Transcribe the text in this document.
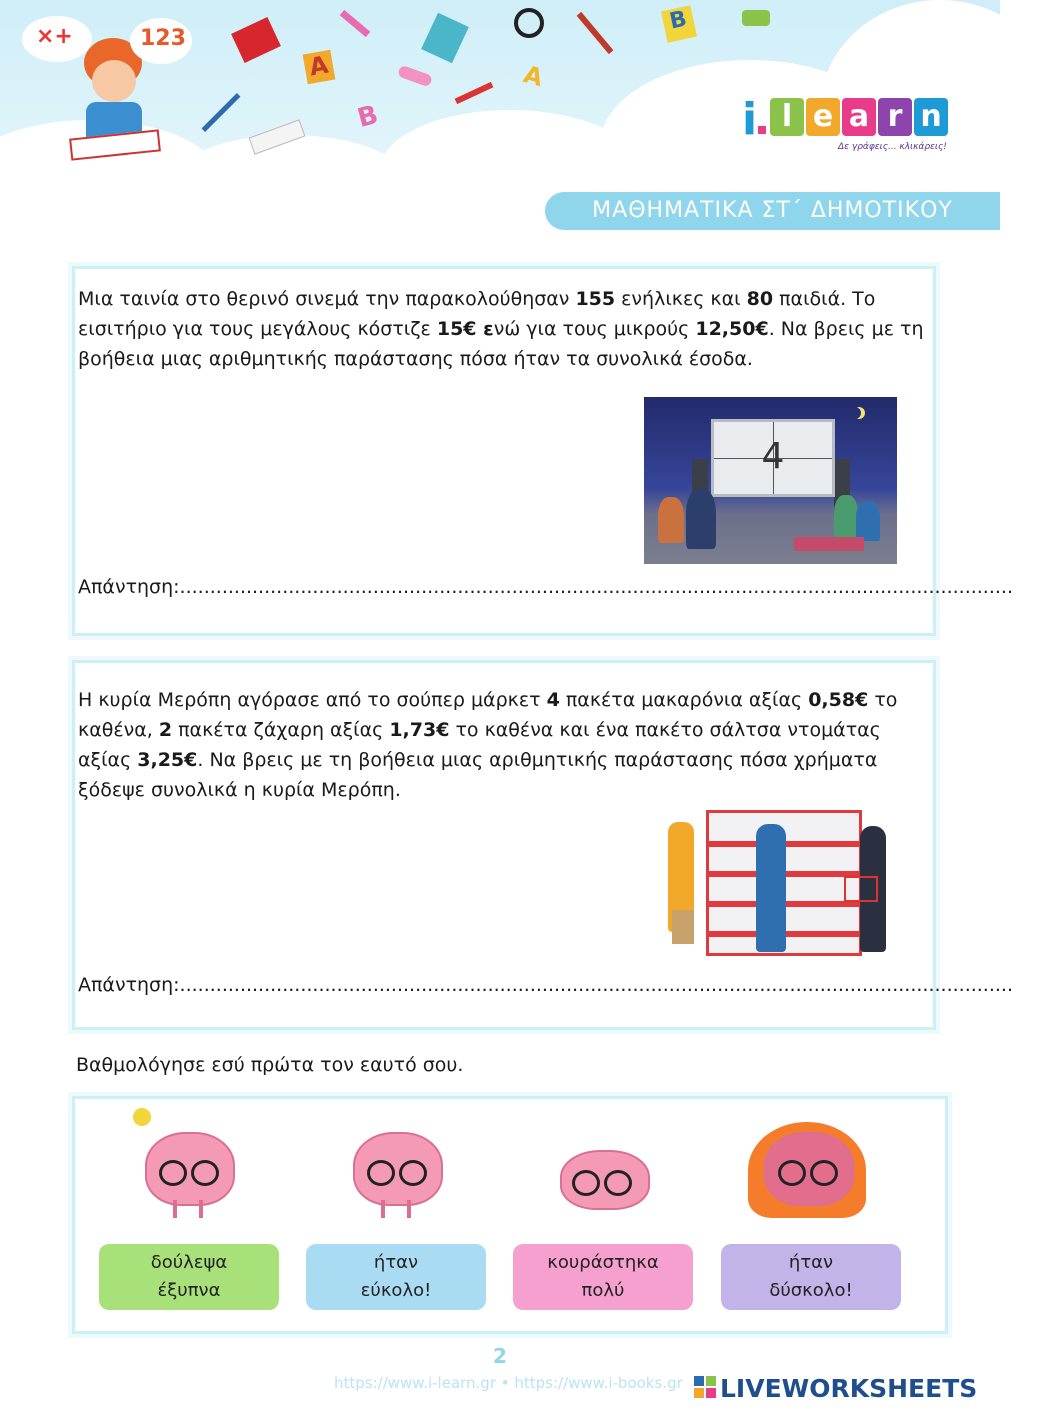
×+	123
A
B
A
B
i l e a r n
Δε γράφεις... κλικάρεις!
ΜΑΘΗΜΑΤΙΚΑ ΣΤ΄ ΔΗΜΟΤΙΚΟΥ
Μια ταινία στο θερινό σινεμά την παρακολούθησαν 155 ενήλικες και 80 παιδιά. Το εισιτήριο για τους μεγάλους κόστιζε 15€ ενώ για τους μικρούς 12,50€. Να βρεις με τη βοήθεια μιας αριθμητικής παράστασης πόσα ήταν τα συνολικά έσοδα.
4
Απάντηση:..........................................................................................................................................
Η κυρία Μερόπη αγόρασε από το σούπερ μάρκετ 4 πακέτα μακαρόνια αξίας 0,58€ το καθένα, 2 πακέτα ζάχαρη αξίας 1,73€ το καθένα και ένα πακέτο σάλτσα ντομάτας αξίας 3,25€. Να βρεις με τη βοήθεια μιας αριθμητικής παράστασης πόσα χρήματα ξόδεψε συνολικά η κυρία Μερόπη.
Απάντηση:..........................................................................................................................................
Βαθμολόγησε εσύ πρώτα τον εαυτό σου.
δούλεψα
έξυπνα
ήταν
εύκολο!
κουράστηκα
πολύ
ήταν
δύσκολο!
2
https://www.i-learn.gr • https://www.i-books.gr LIVEWORKSHEETS
